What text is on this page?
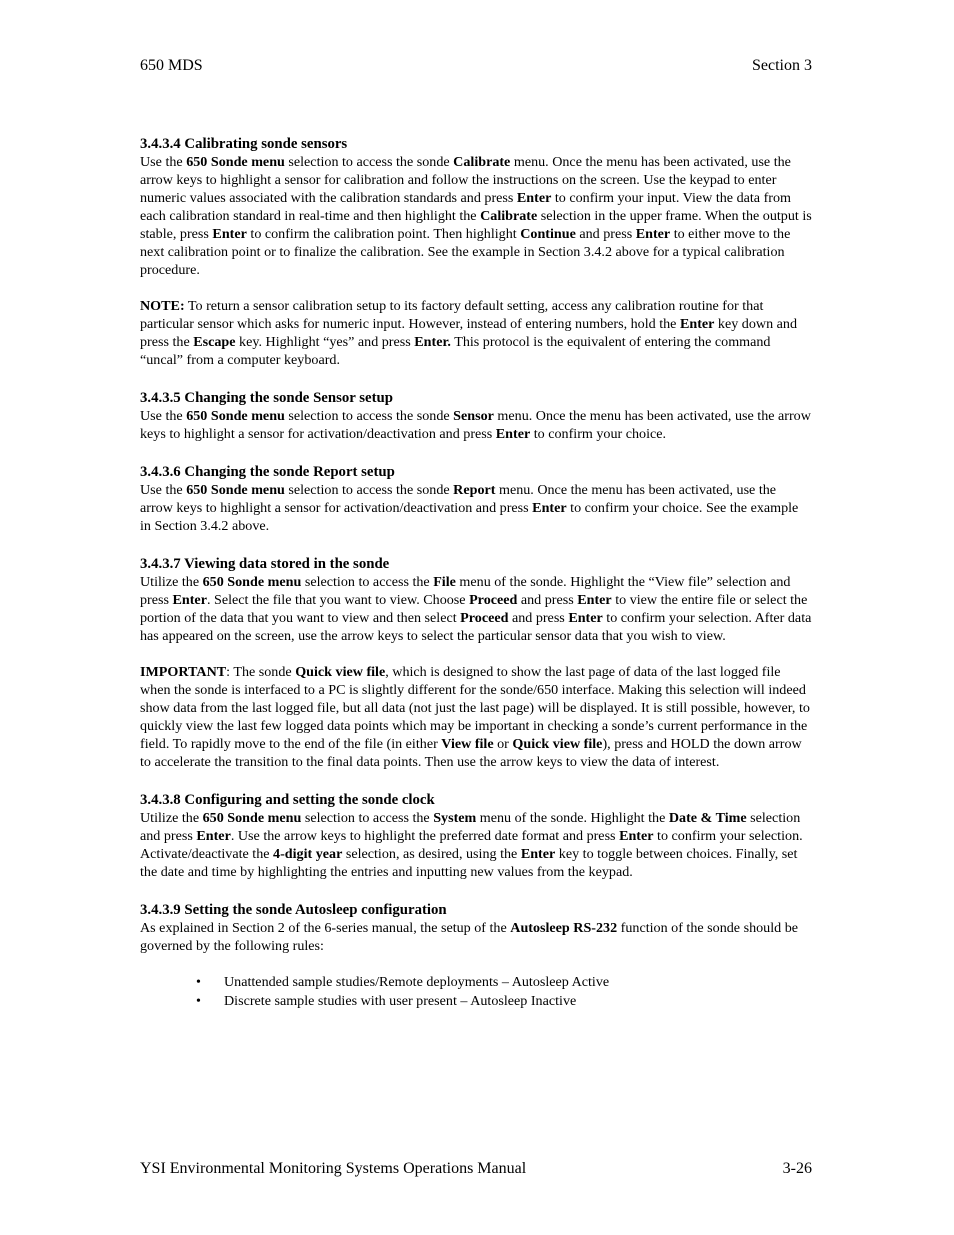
650 MDS	Section 3
3.4.3.4 Calibrating sonde sensors

Use the 650 Sonde menu selection to access the sonde Calibrate menu. Once the menu has been activated, use the arrow keys to highlight a sensor for calibration and follow the instructions on the screen. Use the keypad to enter numeric values associated with the calibration standards and press Enter to confirm your input. View the data from each calibration standard in real-time and then highlight the Calibrate selection in the upper frame. When the output is stable, press Enter to confirm the calibration point. Then highlight Continue and press Enter to either move to the next calibration point or to finalize the calibration. See the example in Section 3.4.2 above for a typical calibration procedure.

NOTE: To return a sensor calibration setup to its factory default setting, access any calibration routine for that particular sensor which asks for numeric input. However, instead of entering numbers, hold the Enter key down and press the Escape key. Highlight “yes” and press Enter. This protocol is the equivalent of entering the command “uncal” from a computer keyboard.

3.4.3.5 Changing the sonde Sensor setup

Use the 650 Sonde menu selection to access the sonde Sensor menu. Once the menu has been activated, use the arrow keys to highlight a sensor for activation/deactivation and press Enter to confirm your choice.

3.4.3.6 Changing the sonde Report setup

Use the 650 Sonde menu selection to access the sonde Report menu. Once the menu has been activated, use the arrow keys to highlight a sensor for activation/deactivation and press Enter to confirm your choice. See the example in Section 3.4.2 above.

3.4.3.7 Viewing data stored in the sonde

Utilize the 650 Sonde menu selection to access the File menu of the sonde. Highlight the “View file” selection and press Enter. Select the file that you want to view. Choose Proceed and press Enter to view the entire file or select the portion of the data that you want to view and then select Proceed and press Enter to confirm your selection. After data has appeared on the screen, use the arrow keys to select the particular sensor data that you wish to view.

IMPORTANT: The sonde Quick view file, which is designed to show the last page of data of the last logged file when the sonde is interfaced to a PC is slightly different for the sonde/650 interface. Making this selection will indeed show data from the last logged file, but all data (not just the last page) will be displayed. It is still possible, however, to quickly view the last few logged data points which may be important in checking a sonde’s current performance in the field. To rapidly move to the end of the file (in either View file or Quick view file), press and HOLD the down arrow to accelerate the transition to the final data points. Then use the arrow keys to view the data of interest.

3.4.3.8 Configuring and setting the sonde clock

Utilize the 650 Sonde menu selection to access the System menu of the sonde. Highlight the Date & Time selection and press Enter. Use the arrow keys to highlight the preferred date format and press Enter to confirm your selection. Activate/deactivate the 4-digit year selection, as desired, using the Enter key to toggle between choices. Finally, set the date and time by highlighting the entries and inputting new values from the keypad.

3.4.3.9 Setting the sonde Autosleep configuration

As explained in Section 2 of the 6-series manual, the setup of the Autosleep RS-232 function of the sonde should be governed by the following rules:

• Unattended sample studies/Remote deployments – Autosleep Active
• Discrete sample studies with user present – Autosleep Inactive
YSI Environmental Monitoring Systems Operations Manual	3-26
